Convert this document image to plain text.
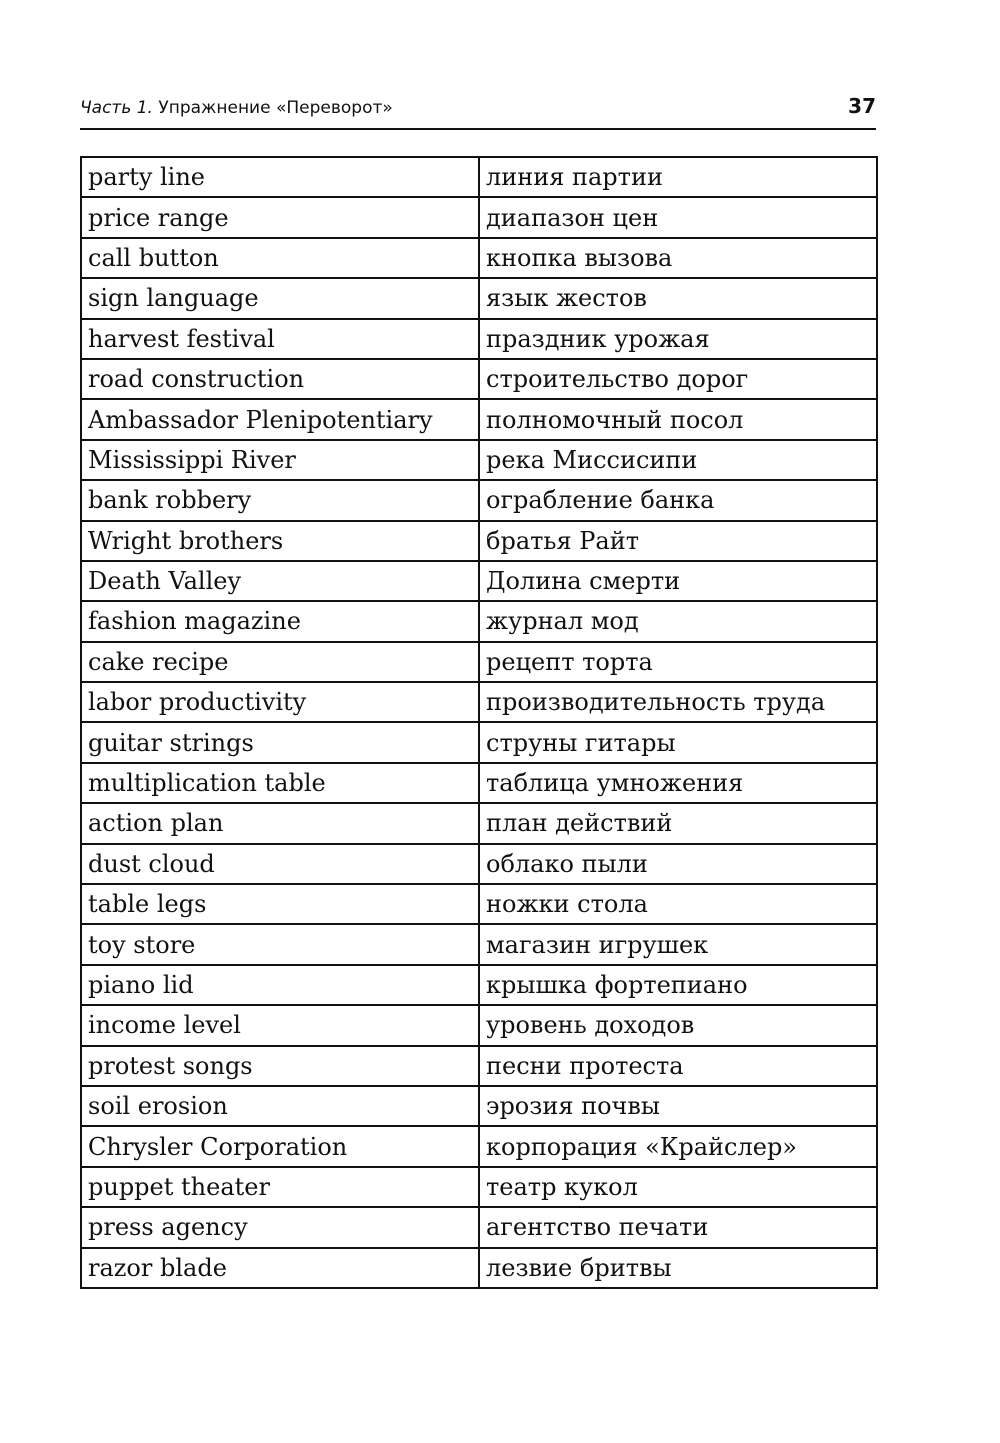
Часть 1. Упражнение «Переворот»	37
party line	линия партии
price range	диапазон цен
call button	кнопка вызова
sign language	язык жестов
harvest festival	праздник урожая
road construction	строительство дорог
Ambassador Plenipotentiary	полномочный посол
Mississippi River	река Миссисипи
bank robbery	ограбление банка
Wright brothers	братья Райт
Death Valley	Долина смерти
fashion magazine	журнал мод
cake recipe	рецепт торта
labor productivity	производительность труда
guitar strings	струны гитары
multiplication table	таблица умножения
action plan	план действий
dust cloud	облако пыли
table legs	ножки стола
toy store	магазин игрушек
piano lid	крышка фортепиано
income level	уровень доходов
protest songs	песни протеста
soil erosion	эрозия почвы
Chrysler Corporation	корпорация «Крайслер»
puppet theater	театр кукол
press agency	агентство печати
razor blade	лезвие бритвы
